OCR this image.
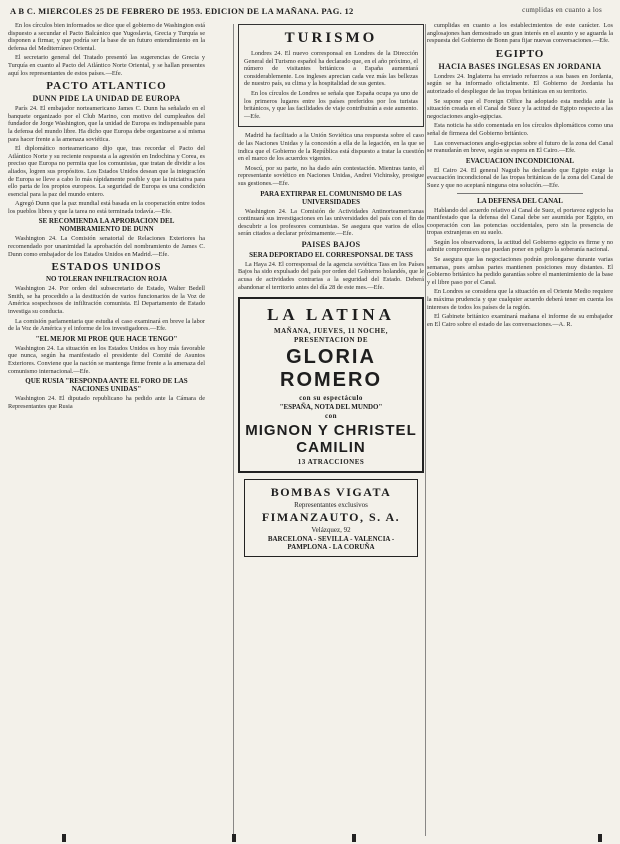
A B C. MIERCOLES 25 DE FEBRERO DE 1953. EDICION DE LA MAÑANA. PAG. 12	cumplidas en cuanto a los

En los círculos bien informados se dice que el gobierno de Washington está dispuesto a secundar el Pacto Balcánico que Yugoslavia, Grecia y Turquía se disponen a firmar, y que podría ser la base de un futuro entendimiento en la defensa del Mediterráneo Oriental.

El secretario general del Tratado presentó las sugerencias de Grecia y Turquía en cuanto al Pacto del Atlántico Norte Oriental, y se hallan presentes aquí los representantes de estos países.—Efe.

PACTO ATLANTICO
DUNN PIDE LA UNIDAD DE EUROPA

París 24. El embajador norteamericano James C. Dunn ha señalado en el banquete organizado por el Club Marino, con motivo del cumpleaños del fundador de Jorge Washington, que la unidad de Europa es indispensable para la defensa del mundo libre. Ha dicho que Europa debe organizarse a sí misma para hacer frente a la amenaza soviética.

El diplomático norteamericano dijo que, tras recordar el Pacto del Atlántico Norte y su reciente respuesta a la agresión en Indochina y Corea, es preciso que Europa no permita que los comunistas, que tratan de dividir a los aliados, logren sus propósitos. Los Estados Unidos desean que la integración de Europa se lleve a cabo lo más rápidamente posible y que la iniciativa para ello parta de los propios europeos. La seguridad de Europa es una condición esencial para la paz del mundo entero.

Agregó Dunn que la paz mundial está basada en la cooperación entre todos los pueblos libres y que la tarea no está terminada todavía.—Efe.

SE RECOMIENDA LA APROBACION DEL NOMBRAMIENTO DE DUNN

Washington 24. La Comisión senatorial de Relaciones Exteriores ha recomendado por unanimidad la aprobación del nombramiento de James C. Dunn como embajador de los Estados Unidos en Madrid.—Efe.

ESTADOS UNIDOS
NO TOLERAN INFILTRACION ROJA

Washington 24. Por orden del subsecretario de Estado, Walter Bedell Smith, se ha procedido a la destitución de varios funcionarios de la Voz de América sospechosos de infiltración comunista. El Departamento de Estado investiga su conducta.

La comisión parlamentaria que estudia el caso examinará en breve la labor de la Voz de América y el informe de los investigadores.—Efe.

"EL MEJOR MI PROE QUE HACE TENGO"

Washington 24. La situación en los Estados Unidos es hoy más favorable que nunca, según ha manifestado el presidente del Comité de Asuntos Exteriores. Conviene que la nación se mantenga firme frente a la amenaza del comunismo internacional.—Efe.

QUE RUSIA "RESPONDA ANTE EL FORO DE LAS NACIONES UNIDAS"

Washington 24. El diputado republicano ha pedido ante la Cámara de Representantes que Rusia

TURISMO

Londres 24. El nuevo corresponsal en Londres de la Dirección General del Turismo español ha declarado que, en el año próximo, el número de visitantes británicos a España aumentará considerablemente. Los ingleses aprecian cada vez más las bellezas de nuestro país, su clima y la hospitalidad de sus gentes.

En los círculos de Londres se señala que España ocupa ya uno de los primeros lugares entre los países preferidos por los turistas británicos, y que las facilidades de viaje contribuirán a este aumento.—Efe.

Madrid ha facilitado a la Unión Soviética una respuesta sobre el caso de las Naciones Unidas y la concesión a ella de la legación, en la que se indica que el Gobierno de la República está dispuesto a tratar la cuestión en el marco de los acuerdos vigentes.

Moscú, por su parte, no ha dado aún contestación. Mientras tanto, el representante soviético en Naciones Unidas, Andrei Vichinsky, prosigue sus gestiones.—Efe.

PARA EXTIRPAR EL COMUNISMO DE LAS UNIVERSIDADES

Washington 24. La Comisión de Actividades Antinorteamericanas continuará sus investigaciones en las universidades del país con el fin de descubrir a los profesores comunistas. Se asegura que varios de ellos serán citados a declarar próximamente.—Efe.

PAISES BAJOS
SERA DEPORTADO EL CORRESPONSAL DE TASS

La Haya 24. El corresponsal de la agencia soviética Tass en los Países Bajos ha sido expulsado del país por orden del Gobierno holandés, que le acusa de actividades contrarias a la seguridad del Estado. Deberá abandonar el territorio antes del día 28 de este mes.—Efe.

LA LATINA
MAÑANA, JUEVES, 11 NOCHE,
PRESENTACION DE
GLORIA ROMERO
con su espectáculo
"ESPAÑA, NOTA DEL MUNDO"
con
MIGNON Y CHRISTEL CAMILIN
13 ATRACCIONES
BOMBAS VIGATA
Representantes exclusivos
FIMANZAUTO, S. A.
Velázquez, 92
BARCELONA - SEVILLA - VALENCIA - PAMPLONA - LA CORUÑA

cumplidas en cuanto a los establecimientos de este carácter. Los anglosajones han demostrado un gran interés en el asunto y se aguarda la respuesta del Gobierno de Bonn para fijar nuevas conversaciones.—Efe.

EGIPTO
HACIA BASES INGLESAS EN JORDANIA

Londres 24. Inglaterra ha enviado refuerzos a sus bases en Jordania, según se ha informado oficialmente. El Gobierno de Jordania ha autorizado el despliegue de las tropas británicas en su territorio.

Se supone que el Foreign Office ha adoptado esta medida ante la situación creada en el Canal de Suez y la actitud de Egipto respecto a las negociaciones anglo-egipcias.

Esta noticia ha sido comentada en los círculos diplomáticos como una señal de firmeza del Gobierno británico.

Las conversaciones anglo-egipcias sobre el futuro de la zona del Canal se reanudarán en breve, según se espera en El Cairo.—Efe.

EVACUACION INCONDICIONAL

El Cairo 24. El general Naguib ha declarado que Egipto exige la evacuación incondicional de las tropas británicas de la zona del Canal de Suez y que no aceptará ninguna otra solución.—Efe.

LA DEFENSA DEL CANAL

Hablando del acuerdo relativo al Canal de Suez, el portavoz egipcio ha manifestado que la defensa del Canal debe ser asumida por Egipto, en cooperación con las potencias occidentales, pero sin la presencia de tropas extranjeras en su suelo.

Según los observadores, la actitud del Gobierno egipcio es firme y no admite compromisos que puedan poner en peligro la soberanía nacional.

Se asegura que las negociaciones podrán prolongarse durante varias semanas, pues ambas partes mantienen posiciones muy distantes. El Gobierno británico ha pedido garantías sobre el mantenimiento de la base y el libre paso por el Canal.

En Londres se considera que la situación en el Oriente Medio requiere la máxima prudencia y que cualquier acuerdo deberá tener en cuenta los intereses de todos los países de la región.

El Gabinete británico examinará mañana el informe de su embajador en El Cairo sobre el estado de las conversaciones.—A. R.
